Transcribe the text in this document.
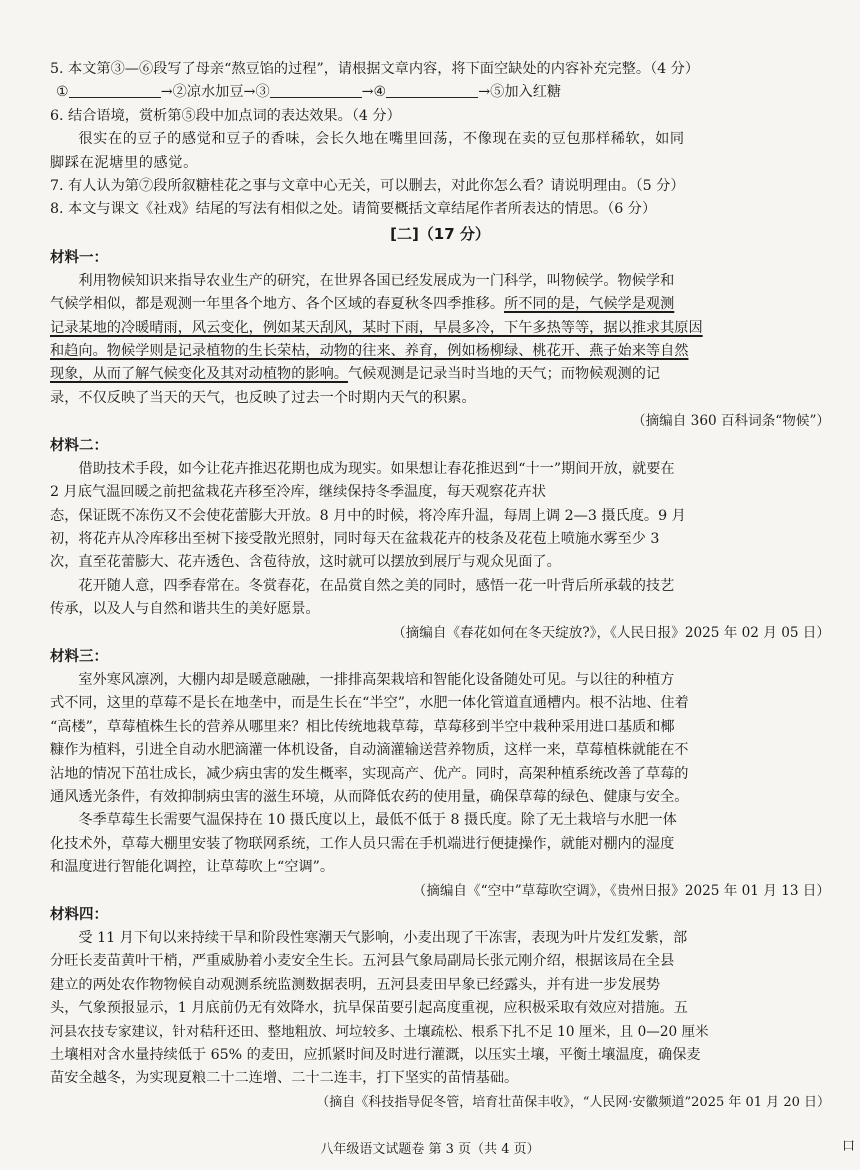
5. 本文第③—⑥段写了母亲“熬豆馅的过程”，请根据文章内容，将下面空缺处的内容补充完整。（4 分）

①	→②凉水加豆→③	→④	→⑤加入红糖

6. 结合语境，赏析第⑤段中加点词的表达效果。（4 分）

很实在的豆子的感觉和豆子的香味，会长久地在嘴里回荡，不像现在卖的豆包那样稀软，如同

脚踩在泥塘里的感觉。

7. 有人认为第⑦段所叙糖桂花之事与文章中心无关，可以删去，对此你怎么看？请说明理由。（5 分）

8. 本文与课文《社戏》结尾的写法有相似之处。请简要概括文章结尾作者所表达的情思。（6 分）

[二]（17 分）

材料一：

利用物候知识来指导农业生产的研究，在世界各国已经发展成为一门科学，叫物候学。物候学和

气候学相似，都是观测一年里各个地方、各个区域的春夏秋冬四季推移。所不同的是，气候学是观测

记录某地的冷暖晴雨，风云变化，例如某天刮风，某时下雨，早晨多冷，下午多热等等，据以推求其原因

和趋向。物候学则是记录植物的生长荣枯，动物的往来、养育，例如杨柳绿、桃花开、燕子始来等自然

现象，从而了解气候变化及其对动植物的影响。气候观测是记录当时当地的天气；而物候观测的记

录，不仅反映了当天的天气，也反映了过去一个时期内天气的积累。

（摘编自 360 百科词条“物候”）

材料二：

借助技术手段，如今让花卉推迟花期也成为现实。如果想让春花推迟到“十一”期间开放，就要在

2 月底气温回暖之前把盆栽花卉移至冷库，继续保持冬季温度，每天观察花卉状

态，保证既不冻伤又不会使花蕾膨大开放。8 月中的时候，将冷库升温，每周上调 2—3 摄氏度。9 月

初，将花卉从冷库移出至树下接受散光照射，同时每天在盆栽花卉的枝条及花苞上喷施水雾至少 3

次，直至花蕾膨大、花卉透色、含苞待放，这时就可以摆放到展厅与观众见面了。

花开随人意，四季春常在。冬赏春花，在品赏自然之美的同时，感悟一花一叶背后所承载的技艺

传承，以及人与自然和谐共生的美好愿景。

（摘编自《春花如何在冬天绽放?》，《人民日报》2025 年 02 月 05 日）

材料三：

室外寒风凛冽，大棚内却是暖意融融，一排排高架栽培和智能化设备随处可见。与以往的种植方

式不同，这里的草莓不是长在地垄中，而是生长在“半空”，水肥一体化管道直通槽内。根不沾地、住着

“高楼”，草莓植株生长的营养从哪里来？相比传统地栽草莓，草莓移到半空中栽种采用进口基质和椰

糠作为植料，引进全自动水肥滴灌一体机设备，自动滴灌输送营养物质，这样一来，草莓植株就能在不

沾地的情况下茁壮成长，减少病虫害的发生概率，实现高产、优产。同时，高架种植系统改善了草莓的

通风透光条件，有效抑制病虫害的滋生环境，从而降低农药的使用量，确保草莓的绿色、健康与安全。

冬季草莓生长需要气温保持在 10 摄氏度以上，最低不低于 8 摄氏度。除了无土栽培与水肥一体

化技术外，草莓大棚里安装了物联网系统，工作人员只需在手机端进行便捷操作，就能对棚内的湿度

和温度进行智能化调控，让草莓吹上“空调”。

（摘编自《“空中”草莓吹空调》，《贵州日报》2025 年 01 月 13 日）

材料四：

受 11 月下旬以来持续干旱和阶段性寒潮天气影响，小麦出现了干冻害，表现为叶片发红发紫，部

分旺长麦苗黄叶干梢，严重威胁着小麦安全生长。五河县气象局副局长张元刚介绍，根据该局在全县

建立的两处农作物物候自动观测系统监测数据表明，五河县麦田早象已经露头，并有进一步发展势

头，气象预报显示，1 月底前仍无有效降水，抗旱保苗要引起高度重视，应积极采取有效应对措施。五

河县农技专家建议，针对秸秆还田、整地粗放、坷垃较多、土壤疏松、根系下扎不足 10 厘米，且 0—20 厘米

土壤相对含水量持续低于 65% 的麦田，应抓紧时间及时进行灌溉，以压实土壤，平衡土壤温度，确保麦

苗安全越冬，为实现夏粮二十二连增、二十二连丰，打下坚实的苗情基础。

（摘自《科技指导促冬管，培育壮苗保丰收》，“人民网·安徽频道”2025 年 01 月 20 日）

八年级语文试题卷 第 3 页（共 4 页）	口
